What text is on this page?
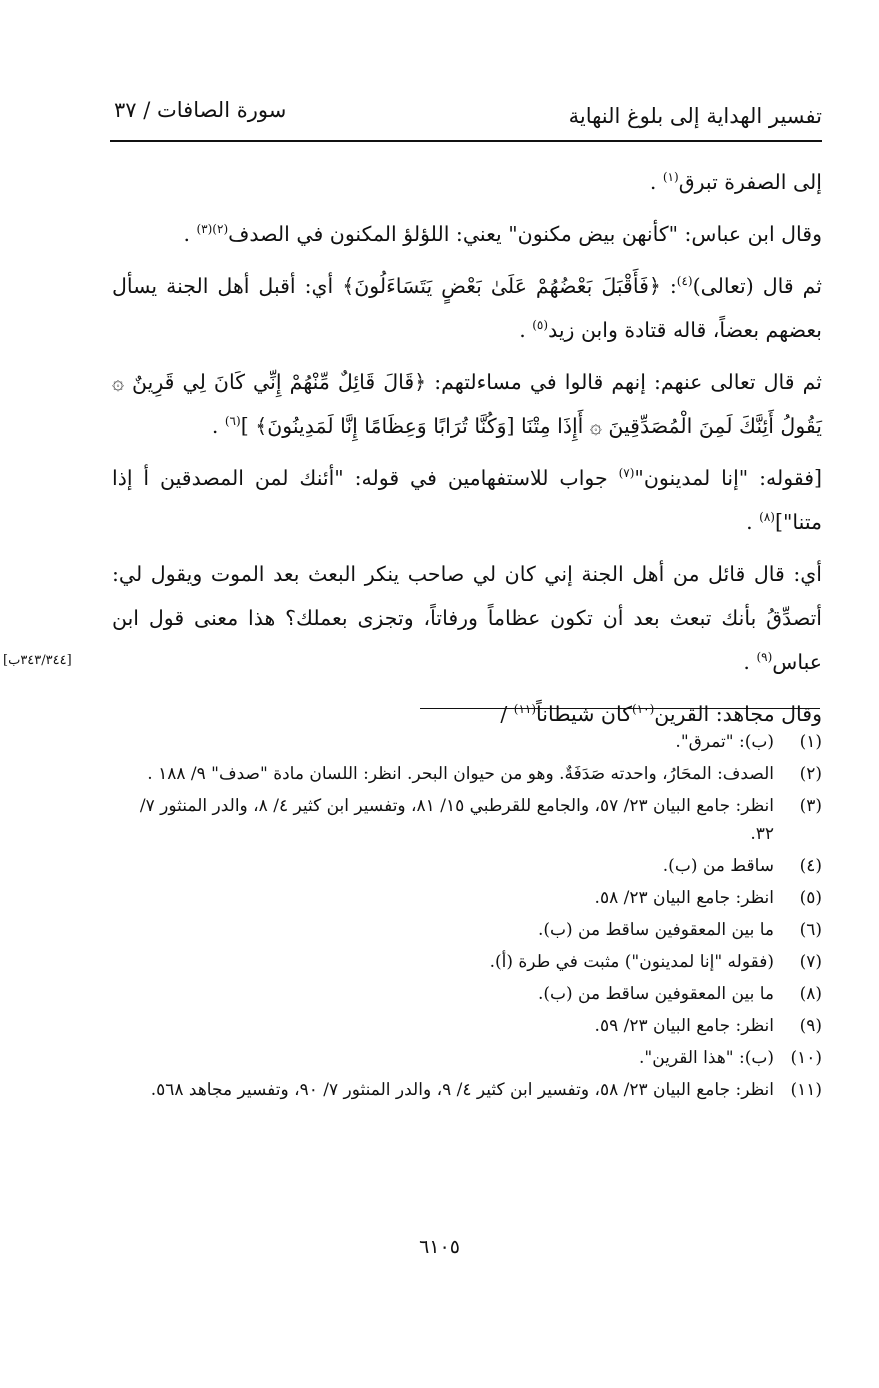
تفسير الهداية إلى بلوغ النهاية
سورة الصافات / ٣٧

إلى الصفرة تبرق$^{(١)}$ .

وقال ابن عباس: "كأنهن بيض مكنون" يعني: اللؤلؤ المكنون في الصدف$^{(٢)(٣)}$ .

ثم قال (تعالى)$^{(٤)}$: ﴿فَأَقْبَلَ بَعْضُهُمْ عَلَىٰ بَعْضٍ يَتَسَاءَلُونَ﴾ أي: أقبل أهل الجنة يسأل بعضهم بعضاً، قاله قتادة وابن زيد$^{(٥)}$ .

ثم قال تعالى عنهم: إنهم قالوا في مساءلتهم: ﴿قَالَ قَائِلٌ مِّنْهُمْ إِنِّي كَانَ لِي قَرِينٌ ۞ يَقُولُ أَئِنَّكَ لَمِنَ الْمُصَدِّقِينَ ۞ أَإِذَا مِتْنَا [وَكُنَّا تُرَابًا وَعِظَامًا إِنَّا لَمَدِينُونَ﴾ ]$^{(٦)}$ .

[فقوله: "إنا لمدينون"$^{(٧)}$ جواب للاستفهامين في قوله: "أئنك لمن المصدقين أ إذا متنا"]$^{(٨)}$ .

أي: قال قائل من أهل الجنة إني كان لي صاحب ينكر البعث بعد الموت ويقول لي: أتصدِّقُ بأنك تبعث بعد أن تكون عظاماً ورفاتاً، وتجزى بعملك؟ هذا معنى قول ابن عباس$^{(٩)}$ .

وقال مجاهد: القرين$^{(١٠)}$كان شيطاناً$^{(١١)}$ /

[٣٤٣/٣٤٤ب]
(١)
(ب): "تمرق".
(٢)
الصدف: المحَارُ، واحدته صَدَفَةٌ. وهو من حيوان البحر. انظر: اللسان مادة "صدف" ٩/ ١٨٨ .
(٣)
انظر: جامع البيان ٢٣/ ٥٧، والجامع للقرطبي ١٥/ ٨١، وتفسير ابن كثير ٤/ ٨، والدر المنثور ٧/ ٣٢.
(٤)
ساقط من (ب).
(٥)
انظر: جامع البيان ٢٣/ ٥٨.
(٦)
ما بين المعقوفين ساقط من (ب).
(٧)
(فقوله "إنا لمدينون") مثبت في طرة (أ).
(٨)
ما بين المعقوفين ساقط من (ب).
(٩)
انظر: جامع البيان ٢٣/ ٥٩.
(١٠)
(ب): "هذا القرين".
(١١)
انظر: جامع البيان ٢٣/ ٥٨، وتفسير ابن كثير ٤/ ٩، والدر المنثور ٧/ ٩٠، وتفسير مجاهد ٥٦٨.
٦١٠٥
